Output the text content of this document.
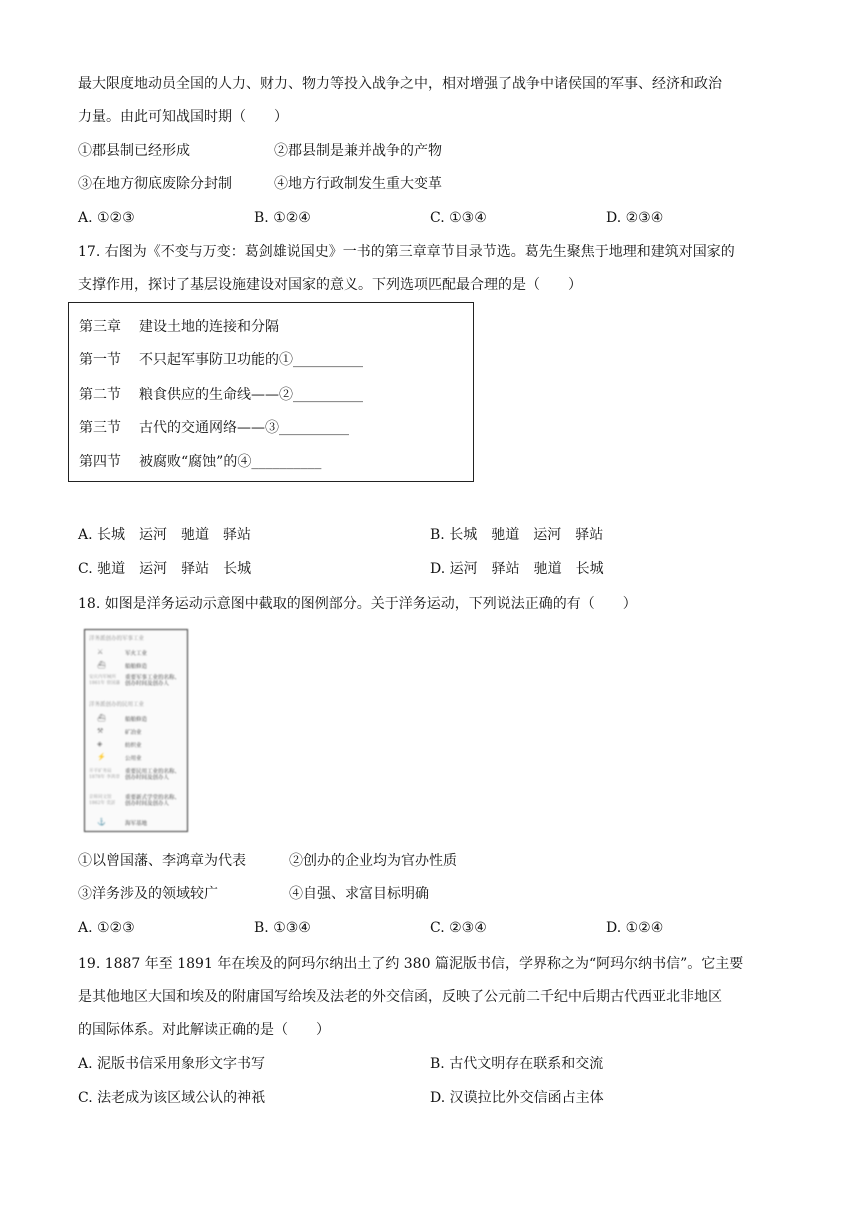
最大限度地动员全国的人力、财力、物力等投入战争之中，相对增强了战争中诸侯国的军事、经济和政治
力量。由此可知战国时期（　　）
①郡县制已经形成	②郡县制是兼并战争的产物
③在地方彻底废除分封制	④地方行政制发生重大变革
A. ①②③	B. ①②④	C. ①③④	D. ②③④
17. 右图为《不变与万变：葛剑雄说国史》一书的第三章章节目录节选。葛先生聚焦于地理和建筑对国家的
支撑作用，探讨了基层设施建设对国家的意义。下列选项匹配最合理的是（　　）
第三章 建设土地的连接和分隔
第一节 不只起军事防卫功能的①__________
第二节 粮食供应的生命线——②__________
第三节 古代的交通网络——③__________
第四节 被腐败“腐蚀”的④__________
A. 长城　运河　驰道　驿站	B. 长城　驰道　运河　驿站
C. 驰道　运河　驿站　长城	D. 运河　驿站　驰道　长城
18. 如图是洋务运动示意图中截取的图例部分。关于洋务运动，下列说法正确的有（　　）
洋务派创办的军事工业
⚔	军火工业
⛴	船舶修造
安庆内军械所
1861年 曾国藩
重要军事工业的名称、创办时间及创办人
洋务派创办的民用工业
⛴	船舶修造
⚒	矿冶业
◈	纺织业
⚡	公用业
开平矿务局
1878年 李鸿章
重要民用工业的名称、创办时间及创办人
京师同文馆
1862年 奕訢
重要新式学堂的名称、创办时间及创办人
⚓	海军基地
①以曾国藩、李鸿章为代表	②创办的企业均为官办性质
③洋务涉及的领域较广	④自强、求富目标明确
A. ①②③	B. ①③④	C. ②③④	D. ①②④
19. 1887 年至 1891 年在埃及的阿玛尔纳出土了约 380 篇泥版书信，学界称之为“阿玛尔纳书信”。它主要
是其他地区大国和埃及的附庸国写给埃及法老的外交信函，反映了公元前二千纪中后期古代西亚北非地区
的国际体系。对此解读正确的是（　　）
A. 泥版书信采用象形文字书写	B. 古代文明存在联系和交流
C. 法老成为该区域公认的神祇	D. 汉谟拉比外交信函占主体
